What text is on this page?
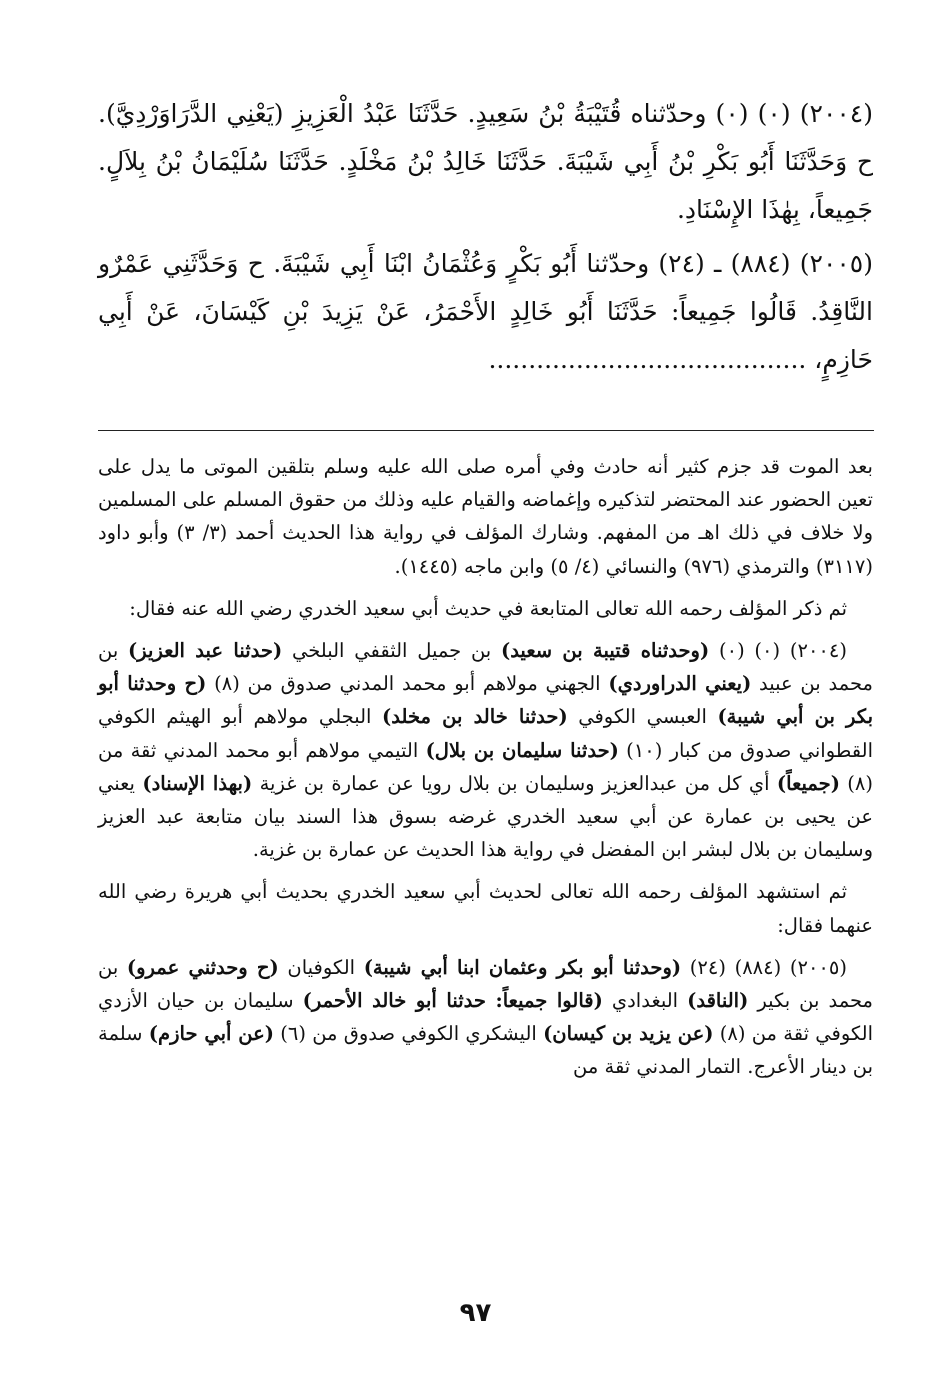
(٢٠٠٤) (٠) (٠) وحدّثناه قُتَيْبَةُ بْنُ سَعِيدٍ. حَدَّثَنَا عَبْدُ الْعَزِيزِ (يَعْنِي الدَّرَاوَرْدِيَّ). ح وَحَدَّثَنَا أَبُو بَكْرِ بْنُ أَبِي شَيْبَةَ. حَدَّثَنَا خَالِدُ بْنُ مَخْلَدٍ. حَدَّثَنَا سُلَيْمَانُ بْنُ بِلاَلٍ. جَمِيعاً، بِهٰذَا الإِسْنَادِ.

(٢٠٠٥) (٨٨٤) ـ (٢٤) وحدّثنا أَبُو بَكْرٍ وَعُثْمَانُ ابْنَا أَبِي شَيْبَةَ. ح وَحَدَّثَنِي عَمْرٌو النَّاقِدُ. قَالُوا جَمِيعاً: حَدَّثَنَا أَبُو خَالِدٍ الأَحْمَرُ، عَنْ يَزِيدَ بْنِ كَيْسَانَ، عَنْ أَبِي حَازِمٍ، ........................................

بعد الموت قد جزم كثير أنه حادث وفي أمره صلى الله عليه وسلم بتلقين الموتى ما يدل على تعين الحضور عند المحتضر لتذكيره وإغماضه والقيام عليه وذلك من حقوق المسلم على المسلمين ولا خلاف في ذلك اهـ من المفهم. وشارك المؤلف في رواية هذا الحديث أحمد (٣/ ٣) وأبو داود (٣١١٧) والترمذي (٩٧٦) والنسائي (٤/ ٥) وابن ماجه (١٤٤٥).

ثم ذكر المؤلف رحمه الله تعالى المتابعة في حديث أبي سعيد الخدري رضي الله عنه فقال:

(٢٠٠٤) (٠) (٠) (وحدثناه قتيبة بن سعيد) بن جميل الثقفي البلخي (حدثنا عبد العزيز) بن محمد بن عبيد (يعني الدراوردي) الجهني مولاهم أبو محمد المدني صدوق من (٨) (ح وحدثنا أبو بكر بن أبي شيبة) العبسي الكوفي (حدثنا خالد بن مخلد) البجلي مولاهم أبو الهيثم الكوفي القطواني صدوق من كبار (١٠) (حدثنا سليمان بن بلال) التيمي مولاهم أبو محمد المدني ثقة من (٨) (جميعاً) أي كل من عبدالعزيز وسليمان بن بلال رويا عن عمارة بن غزية (بهذا الإسناد) يعني عن يحيى بن عمارة عن أبي سعيد الخدري غرضه بسوق هذا السند بيان متابعة عبد العزيز وسليمان بن بلال لبشر ابن المفضل في رواية هذا الحديث عن عمارة بن غزية.

ثم استشهد المؤلف رحمه الله تعالى لحديث أبي سعيد الخدري بحديث أبي هريرة رضي الله عنهما فقال:

(٢٠٠٥) (٨٨٤) (٢٤) (وحدثنا أبو بكر وعثمان ابنا أبي شيبة) الكوفيان (ح وحدثني عمرو) بن محمد بن بكير (الناقد) البغدادي (قالوا جميعاً: حدثنا أبو خالد الأحمر) سليمان بن حيان الأزدي الكوفي ثقة من (٨) (عن يزيد بن كيسان) اليشكري الكوفي صدوق من (٦) (عن أبي حازم) سلمة بن دينار الأعرج. التمار المدني ثقة من

٩٧
